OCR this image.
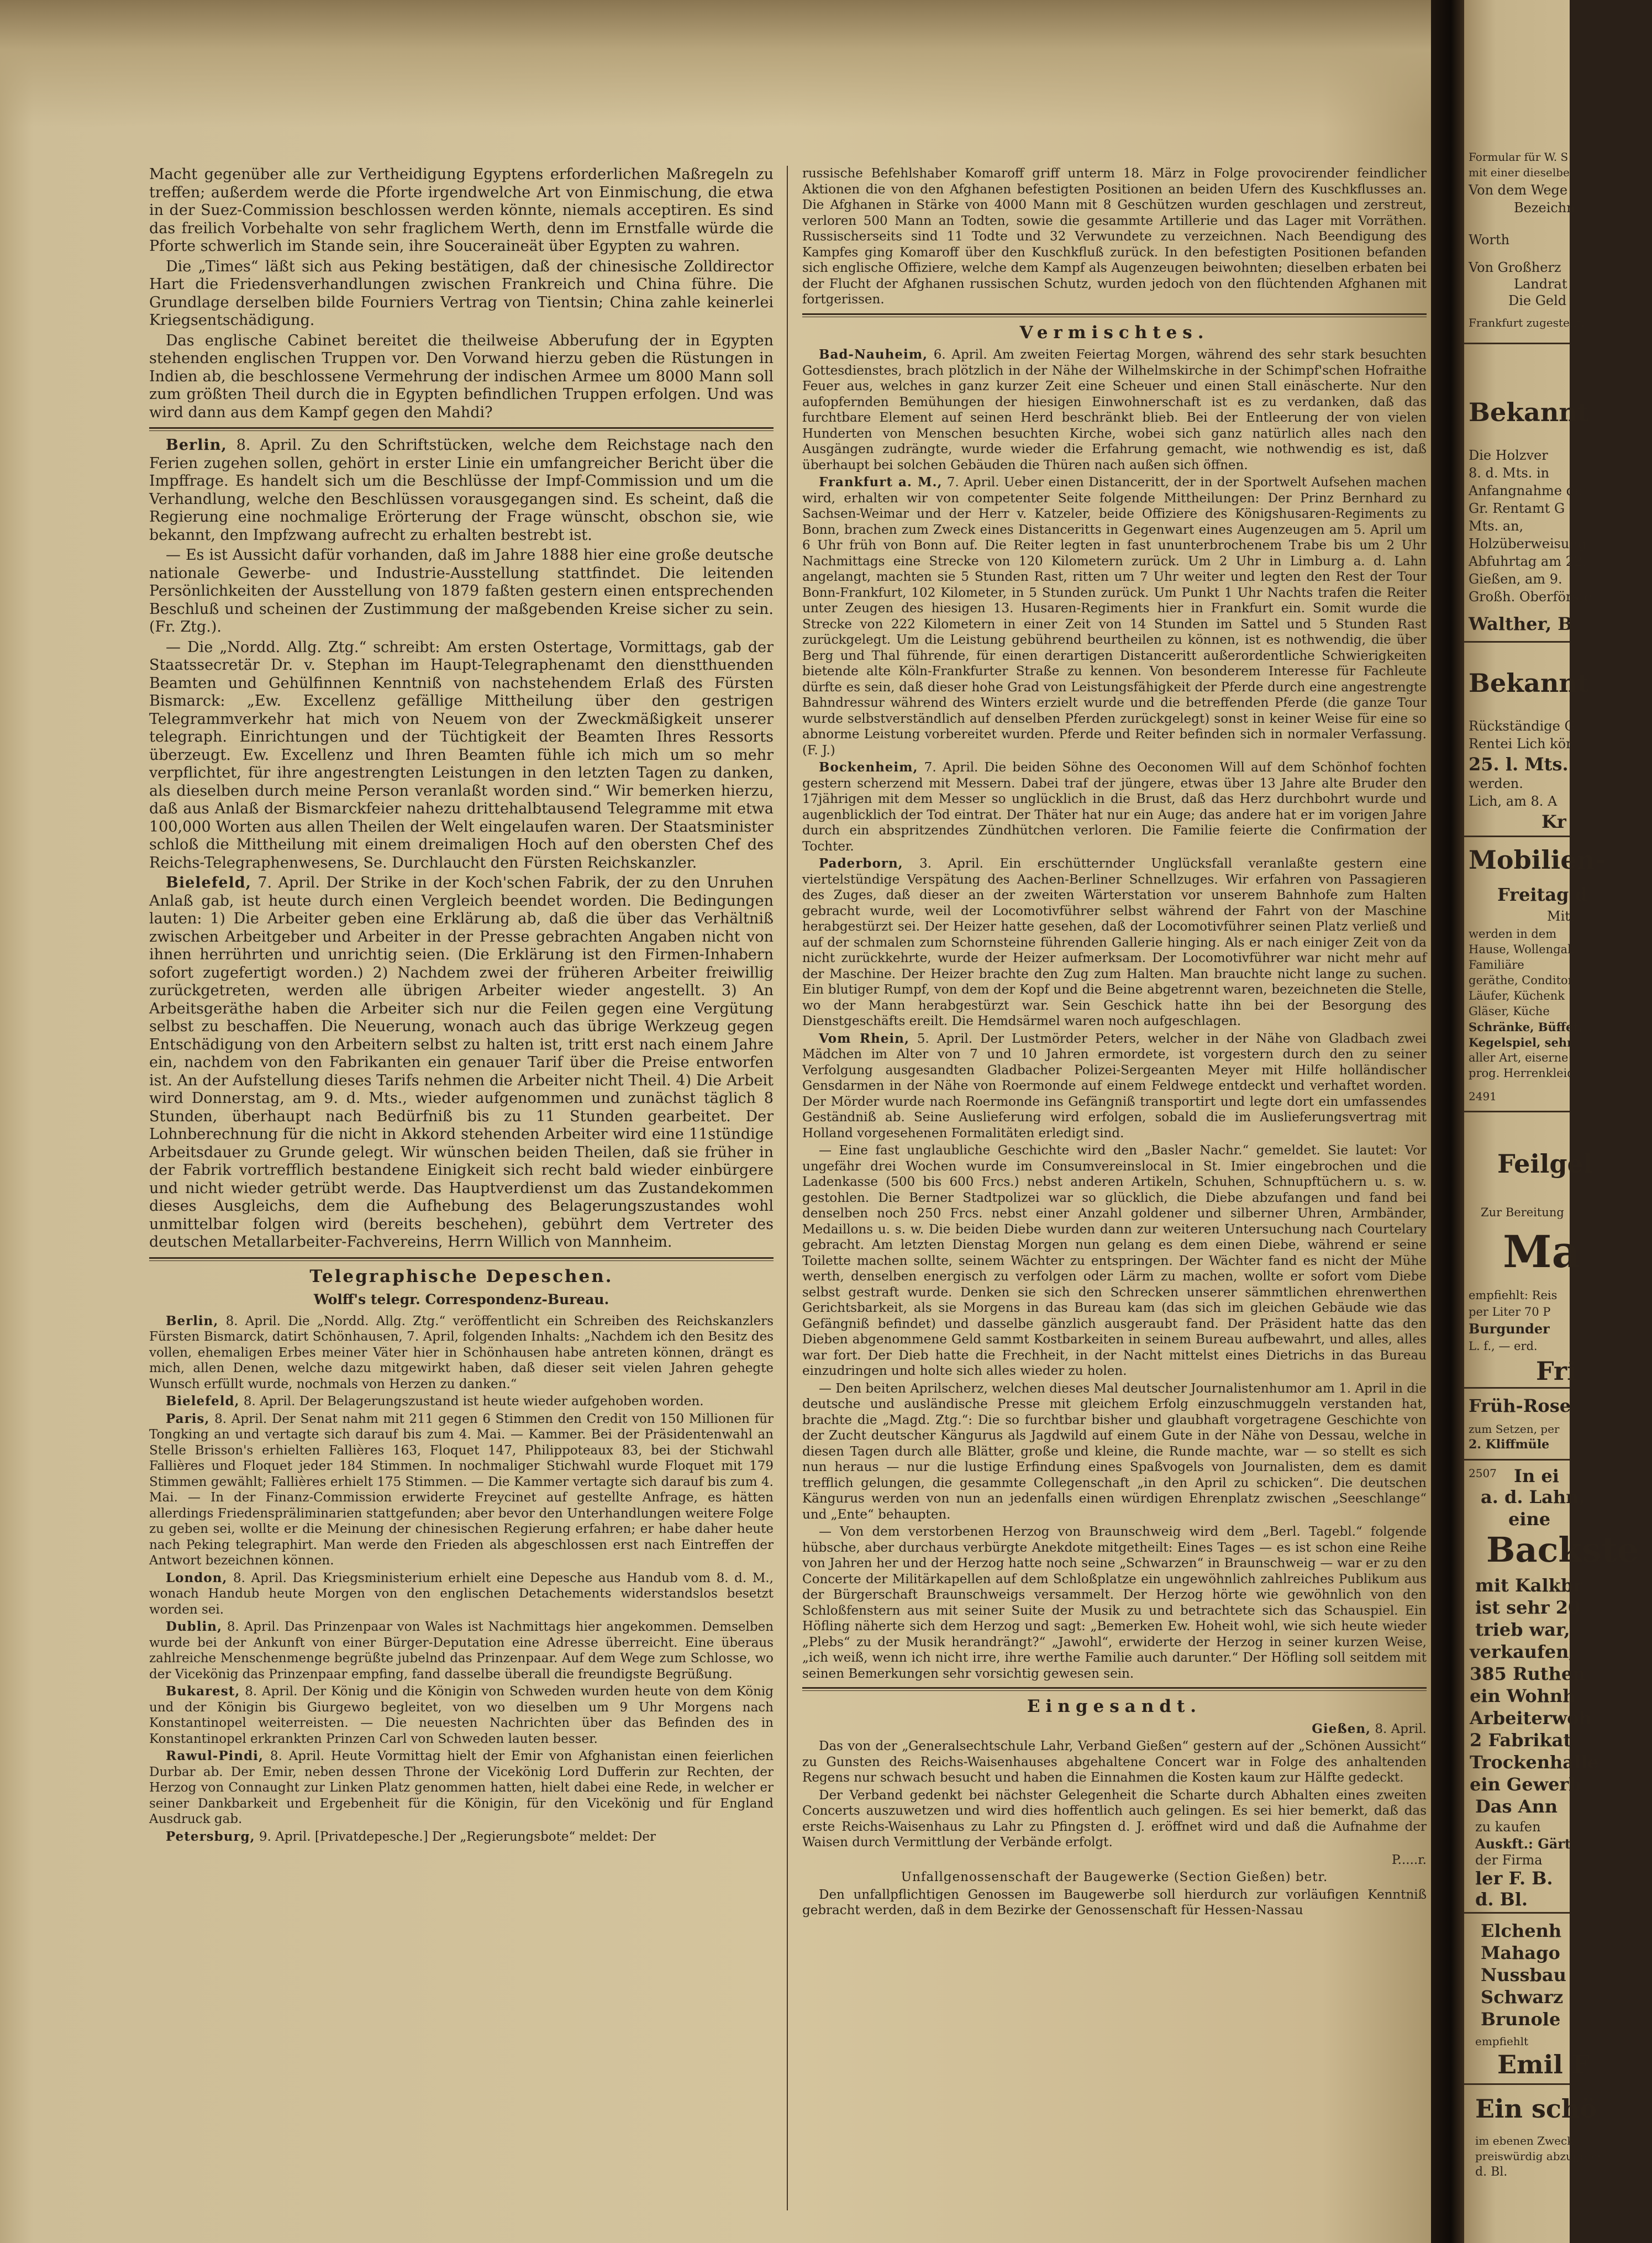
Macht gegenüber alle zur Vertheidigung Egyptens erforderlichen Maßregeln zu treffen; außerdem werde die Pforte irgendwelche Art von Einmischung, die etwa in der Suez-Commission beschlossen werden könnte, niemals acceptiren. Es sind das freilich Vorbehalte von sehr fraglichem Werth, denn im Ernstfalle würde die Pforte schwerlich im Stande sein, ihre Souceraineät über Egypten zu wahren.

Die „Times“ läßt sich aus Peking bestätigen, daß der chinesische Zolldirector Hart die Friedensverhandlungen zwischen Frankreich und China führe. Die Grundlage derselben bilde Fourniers Vertrag von Tientsin; China zahle keinerlei Kriegsentschädigung.

Das englische Cabinet bereitet die theilweise Abberufung der in Egypten stehenden englischen Truppen vor. Den Vorwand hierzu geben die Rüstungen in Indien ab, die beschlossene Vermehrung der indischen Armee um 8000 Mann soll zum größten Theil durch die in Egypten befindlichen Truppen erfolgen. Und was wird dann aus dem Kampf gegen den Mahdi?

Berlin, 8. April. Zu den Schriftstücken, welche dem Reichstage nach den Ferien zugehen sollen, gehört in erster Linie ein umfangreicher Bericht über die Impffrage. Es handelt sich um die Beschlüsse der Impf-Commission und um die Verhandlung, welche den Beschlüssen vorausgegangen sind. Es scheint, daß die Regierung eine nochmalige Erörterung der Frage wünscht, obschon sie, wie bekannt, den Impfzwang aufrecht zu erhalten bestrebt ist.

— Es ist Aussicht dafür vorhanden, daß im Jahre 1888 hier eine große deutsche nationale Gewerbe- und Industrie-Ausstellung stattfindet. Die leitenden Persönlichkeiten der Ausstellung von 1879 faßten gestern einen entsprechenden Beschluß und scheinen der Zustimmung der maßgebenden Kreise sicher zu sein. (Fr. Ztg.).

— Die „Nordd. Allg. Ztg.“ schreibt: Am ersten Ostertage, Vormittags, gab der Staatssecretär Dr. v. Stephan im Haupt-Telegraphenamt den dienstthuenden Beamten und Gehülfinnen Kenntniß von nachstehendem Erlaß des Fürsten Bismarck: „Ew. Excellenz gefällige Mittheilung über den gestrigen Telegrammverkehr hat mich von Neuem von der Zweckmäßigkeit unserer telegraph. Einrichtungen und der Tüchtigkeit der Beamten Ihres Ressorts überzeugt. Ew. Excellenz und Ihren Beamten fühle ich mich um so mehr verpflichtet, für ihre angestrengten Leistungen in den letzten Tagen zu danken, als dieselben durch meine Person veranlaßt worden sind.“ Wir bemerken hierzu, daß aus Anlaß der Bismarckfeier nahezu drittehalbtausend Telegramme mit etwa 100,000 Worten aus allen Theilen der Welt eingelaufen waren. Der Staatsminister schloß die Mittheilung mit einem dreimaligen Hoch auf den obersten Chef des Reichs-Telegraphenwesens, Se. Durchlaucht den Fürsten Reichskanzler.

Bielefeld, 7. April. Der Strike in der Koch'schen Fabrik, der zu den Unruhen Anlaß gab, ist heute durch einen Vergleich beendet worden. Die Bedingungen lauten: 1) Die Arbeiter geben eine Erklärung ab, daß die über das Verhältniß zwischen Arbeitgeber und Arbeiter in der Presse gebrachten Angaben nicht von ihnen herrührten und unrichtig seien. (Die Erklärung ist den Firmen-Inhabern sofort zugefertigt worden.) 2) Nachdem zwei der früheren Arbeiter freiwillig zurückgetreten, werden alle übrigen Arbeiter wieder angestellt. 3) An Arbeitsgeräthe haben die Arbeiter sich nur die Feilen gegen eine Vergütung selbst zu beschaffen. Die Neuerung, wonach auch das übrige Werkzeug gegen Entschädigung von den Arbeitern selbst zu halten ist, tritt erst nach einem Jahre ein, nachdem von den Fabrikanten ein genauer Tarif über die Preise entworfen ist. An der Aufstellung dieses Tarifs nehmen die Arbeiter nicht Theil. 4) Die Arbeit wird Donnerstag, am 9. d. Mts., wieder aufgenommen und zunächst täglich 8 Stunden, überhaupt nach Bedürfniß bis zu 11 Stunden gearbeitet. Der Lohnberechnung für die nicht in Akkord stehenden Arbeiter wird eine 11stündige Arbeitsdauer zu Grunde gelegt. Wir wünschen beiden Theilen, daß sie früher in der Fabrik vortrefflich bestandene Einigkeit sich recht bald wieder einbürgere und nicht wieder getrübt werde. Das Hauptverdienst um das Zustandekommen dieses Ausgleichs, dem die Aufhebung des Belagerungszustandes wohl unmittelbar folgen wird (bereits beschehen), gebührt dem Vertreter des deutschen Metallarbeiter-Fachvereins, Herrn Willich von Mannheim.

Telegraphische Depeschen.
Wolff's telegr. Correspondenz-Bureau.

Berlin, 8. April. Die „Nordd. Allg. Ztg.“ veröffentlicht ein Schreiben des Reichskanzlers Fürsten Bismarck, datirt Schönhausen, 7. April, folgenden Inhalts: „Nachdem ich den Besitz des vollen, ehemaligen Erbes meiner Väter hier in Schönhausen habe antreten können, drängt es mich, allen Denen, welche dazu mitgewirkt haben, daß dieser seit vielen Jahren gehegte Wunsch erfüllt wurde, nochmals von Herzen zu danken.“

Bielefeld, 8. April. Der Belagerungszustand ist heute wieder aufgehoben worden.

Paris, 8. April. Der Senat nahm mit 211 gegen 6 Stimmen den Credit von 150 Millionen für Tongking an und vertagte sich darauf bis zum 4. Mai. — Kammer. Bei der Präsidentenwahl an Stelle Brisson's erhielten Fallières 163, Floquet 147, Philippoteaux 83, bei der Stichwahl Fallières und Floquet jeder 184 Stimmen. In nochmaliger Stichwahl wurde Floquet mit 179 Stimmen gewählt; Fallières erhielt 175 Stimmen. — Die Kammer vertagte sich darauf bis zum 4. Mai. — In der Finanz-Commission erwiderte Freycinet auf gestellte Anfrage, es hätten allerdings Friedenspräliminarien stattgefunden; aber bevor den Unterhandlungen weitere Folge zu geben sei, wollte er die Meinung der chinesischen Regierung erfahren; er habe daher heute nach Peking telegraphirt. Man werde den Frieden als abgeschlossen erst nach Eintreffen der Antwort bezeichnen können.

London, 8. April. Das Kriegsministerium erhielt eine Depesche aus Handub vom 8. d. M., wonach Handub heute Morgen von den englischen Detachements widerstandslos besetzt worden sei.

Dublin, 8. April. Das Prinzenpaar von Wales ist Nachmittags hier angekommen. Demselben wurde bei der Ankunft von einer Bürger-Deputation eine Adresse überreicht. Eine überaus zahlreiche Menschenmenge begrüßte jubelnd das Prinzenpaar. Auf dem Wege zum Schlosse, wo der Vicekönig das Prinzenpaar empfing, fand dasselbe überall die freundigste Begrüßung.

Bukarest, 8. April. Der König und die Königin von Schweden wurden heute von dem König und der Königin bis Giurgewo begleitet, von wo dieselben um 9 Uhr Morgens nach Konstantinopel weiterreisten. — Die neuesten Nachrichten über das Befinden des in Konstantinopel erkrankten Prinzen Carl von Schweden lauten besser.

Rawul-Pindi, 8. April. Heute Vormittag hielt der Emir von Afghanistan einen feierlichen Durbar ab. Der Emir, neben dessen Throne der Vicekönig Lord Dufferin zur Rechten, der Herzog von Connaught zur Linken Platz genommen hatten, hielt dabei eine Rede, in welcher er seiner Dankbarkeit und Ergebenheit für die Königin, für den Vicekönig und für England Ausdruck gab.

Petersburg, 9. April. [Privatdepesche.] Der „Regierungsbote“ meldet: Der

russische Befehlshaber Komaroff griff unterm 18. März in Folge provocirender feindlicher Aktionen die von den Afghanen befestigten Positionen an beiden Ufern des Kuschkflusses an. Die Afghanen in Stärke von 4000 Mann mit 8 Geschützen wurden geschlagen und zerstreut, verloren 500 Mann an Todten, sowie die gesammte Artillerie und das Lager mit Vorräthen. Russischerseits sind 11 Todte und 32 Verwundete zu verzeichnen. Nach Beendigung des Kampfes ging Komaroff über den Kuschkfluß zurück. In den befestigten Positionen befanden sich englische Offiziere, welche dem Kampf als Augenzeugen beiwohnten; dieselben erbaten bei der Flucht der Afghanen russischen Schutz, wurden jedoch von den flüchtenden Afghanen mit fortgerissen.

Vermischtes.

Bad-Nauheim, 6. April. Am zweiten Feiertag Morgen, während des sehr stark besuchten Gottesdienstes, brach plötzlich in der Nähe der Wilhelmskirche in der Schimpf'schen Hofraithe Feuer aus, welches in ganz kurzer Zeit eine Scheuer und einen Stall einäscherte. Nur den aufopfernden Bemühungen der hiesigen Einwohnerschaft ist es zu verdanken, daß das furchtbare Element auf seinen Herd beschränkt blieb. Bei der Entleerung der von vielen Hunderten von Menschen besuchten Kirche, wobei sich ganz natürlich alles nach den Ausgängen zudrängte, wurde wieder die Erfahrung gemacht, wie nothwendig es ist, daß überhaupt bei solchen Gebäuden die Thüren nach außen sich öffnen.

Frankfurt a. M., 7. April. Ueber einen Distanceritt, der in der Sportwelt Aufsehen machen wird, erhalten wir von competenter Seite folgende Mittheilungen: Der Prinz Bernhard zu Sachsen-Weimar und der Herr v. Katzeler, beide Offiziere des Königshusaren-Regiments zu Bonn, brachen zum Zweck eines Distanceritts in Gegenwart eines Augenzeugen am 5. April um 6 Uhr früh von Bonn auf. Die Reiter legten in fast ununterbrochenem Trabe bis um 2 Uhr Nachmittags eine Strecke von 120 Kilometern zurück. Um 2 Uhr in Limburg a. d. Lahn angelangt, machten sie 5 Stunden Rast, ritten um 7 Uhr weiter und legten den Rest der Tour Bonn-Frankfurt, 102 Kilometer, in 5 Stunden zurück. Um Punkt 1 Uhr Nachts trafen die Reiter unter Zeugen des hiesigen 13. Husaren-Regiments hier in Frankfurt ein. Somit wurde die Strecke von 222 Kilometern in einer Zeit von 14 Stunden im Sattel und 5 Stunden Rast zurückgelegt. Um die Leistung gebührend beurtheilen zu können, ist es nothwendig, die über Berg und Thal führende, für einen derartigen Distanceritt außerordentliche Schwierigkeiten bietende alte Köln-Frankfurter Straße zu kennen. Von besonderem Interesse für Fachleute dürfte es sein, daß dieser hohe Grad von Leistungsfähigkeit der Pferde durch eine angestrengte Bahndressur während des Winters erzielt wurde und die betreffenden Pferde (die ganze Tour wurde selbstverständlich auf denselben Pferden zurückgelegt) sonst in keiner Weise für eine so abnorme Leistung vorbereitet wurden. Pferde und Reiter befinden sich in normaler Verfassung. (F. J.)

Bockenheim, 7. April. Die beiden Söhne des Oeconomen Will auf dem Schönhof fochten gestern scherzend mit Messern. Dabei traf der jüngere, etwas über 13 Jahre alte Bruder den 17jährigen mit dem Messer so unglücklich in die Brust, daß das Herz durchbohrt wurde und augenblicklich der Tod eintrat. Der Thäter hat nur ein Auge; das andere hat er im vorigen Jahre durch ein abspritzendes Zündhütchen verloren. Die Familie feierte die Confirmation der Tochter.

Paderborn, 3. April. Ein erschütternder Unglücksfall veranlaßte gestern eine viertelstündige Verspätung des Aachen-Berliner Schnellzuges. Wir erfahren von Passagieren des Zuges, daß dieser an der zweiten Wärterstation vor unserem Bahnhofe zum Halten gebracht wurde, weil der Locomotivführer selbst während der Fahrt von der Maschine herabgestürzt sei. Der Heizer hatte gesehen, daß der Locomotivführer seinen Platz verließ und auf der schmalen zum Schornsteine führenden Gallerie hinging. Als er nach einiger Zeit von da nicht zurückkehrte, wurde der Heizer aufmerksam. Der Locomotivführer war nicht mehr auf der Maschine. Der Heizer brachte den Zug zum Halten. Man brauchte nicht lange zu suchen. Ein blutiger Rumpf, von dem der Kopf und die Beine abgetrennt waren, bezeichneten die Stelle, wo der Mann herabgestürzt war. Sein Geschick hatte ihn bei der Besorgung des Dienstgeschäfts ereilt. Die Hemdsärmel waren noch aufgeschlagen.

Vom Rhein, 5. April. Der Lustmörder Peters, welcher in der Nähe von Gladbach zwei Mädchen im Alter von 7 und 10 Jahren ermordete, ist vorgestern durch den zu seiner Verfolgung ausgesandten Gladbacher Polizei-Sergeanten Meyer mit Hilfe holländischer Gensdarmen in der Nähe von Roermonde auf einem Feldwege entdeckt und verhaftet worden. Der Mörder wurde nach Roermonde ins Gefängniß transportirt und legte dort ein umfassendes Geständniß ab. Seine Auslieferung wird erfolgen, sobald die im Auslieferungsvertrag mit Holland vorgesehenen Formalitäten erledigt sind.

— Eine fast unglaubliche Geschichte wird den „Basler Nachr.“ gemeldet. Sie lautet: Vor ungefähr drei Wochen wurde im Consumvereinslocal in St. Imier eingebrochen und die Ladenkasse (500 bis 600 Frcs.) nebst anderen Artikeln, Schuhen, Schnupftüchern u. s. w. gestohlen. Die Berner Stadtpolizei war so glücklich, die Diebe abzufangen und fand bei denselben noch 250 Frcs. nebst einer Anzahl goldener und silberner Uhren, Armbänder, Medaillons u. s. w. Die beiden Diebe wurden dann zur weiteren Untersuchung nach Courtelary gebracht. Am letzten Dienstag Morgen nun gelang es dem einen Diebe, während er seine Toilette machen sollte, seinem Wächter zu entspringen. Der Wächter fand es nicht der Mühe werth, denselben energisch zu verfolgen oder Lärm zu machen, wollte er sofort vom Diebe selbst gestraft wurde. Denken sie sich den Schrecken unserer sämmtlichen ehrenwerthen Gerichtsbarkeit, als sie Morgens in das Bureau kam (das sich im gleichen Gebäude wie das Gefängniß befindet) und dasselbe gänzlich ausgeraubt fand. Der Präsident hatte das den Dieben abgenommene Geld sammt Kostbarkeiten in seinem Bureau aufbewahrt, und alles, alles war fort. Der Dieb hatte die Frechheit, in der Nacht mittelst eines Dietrichs in das Bureau einzudringen und holte sich alles wieder zu holen.

— Den beiten Aprilscherz, welchen dieses Mal deutscher Journalistenhumor am 1. April in die deutsche und ausländische Presse mit gleichem Erfolg einzuschmuggeln verstanden hat, brachte die „Magd. Ztg.“: Die so furchtbar bisher und glaubhaft vorgetragene Geschichte von der Zucht deutscher Kängurus als Jagdwild auf einem Gute in der Nähe von Dessau, welche in diesen Tagen durch alle Blätter, große und kleine, die Runde machte, war — so stellt es sich nun heraus — nur die lustige Erfindung eines Spaßvogels von Journalisten, dem es damit trefflich gelungen, die gesammte Collegenschaft „in den April zu schicken“. Die deutschen Kängurus werden von nun an jedenfalls einen würdigen Ehrenplatz zwischen „Seeschlange“ und „Ente“ behaupten.

— Von dem verstorbenen Herzog von Braunschweig wird dem „Berl. Tagebl.“ folgende hübsche, aber durchaus verbürgte Anekdote mitgetheilt: Eines Tages — es ist schon eine Reihe von Jahren her und der Herzog hatte noch seine „Schwarzen“ in Braunschweig — war er zu den Concerte der Militärkapellen auf dem Schloßplatze ein ungewöhnlich zahlreiches Publikum aus der Bürgerschaft Braunschweigs versammelt. Der Herzog hörte wie gewöhnlich von den Schloßfenstern aus mit seiner Suite der Musik zu und betrachtete sich das Schauspiel. Ein Höfling näherte sich dem Herzog und sagt: „Bemerken Ew. Hoheit wohl, wie sich heute wieder „Plebs“ zu der Musik herandrängt?“ „Jawohl“, erwiderte der Herzog in seiner kurzen Weise, „ich weiß, wenn ich nicht irre, ihre werthe Familie auch darunter.“ Der Höfling soll seitdem mit seinen Bemerkungen sehr vorsichtig gewesen sein.

Eingesandt.

Gießen, 8. April.

Das von der „Generalsechtschule Lahr, Verband Gießen“ gestern auf der „Schönen Aussicht“ zu Gunsten des Reichs-Waisenhauses abgehaltene Concert war in Folge des anhaltenden Regens nur schwach besucht und haben die Einnahmen die Kosten kaum zur Hälfte gedeckt.

Der Verband gedenkt bei nächster Gelegenheit die Scharte durch Abhalten eines zweiten Concerts auszuwetzen und wird dies hoffentlich auch gelingen. Es sei hier bemerkt, daß das erste Reichs-Waisenhaus zu Lahr zu Pfingsten d. J. eröffnet wird und daß die Aufnahme der Waisen durch Vermittlung der Verbände erfolgt.

P.....r.

Unfallgenossenschaft der Baugewerke (Section Gießen) betr.

Den unfallpflichtigen Genossen im Baugewerbe soll hierdurch zur vorläufigen Kenntniß gebracht werden, daß in dem Bezirke der Genossenschaft für Hessen-Nassau

Formular für W. S
mit einer dieselbe
Von dem Wege
Bezeichn
Worth
Von Großherz
Landrat
Die Geld
Frankfurt zugestellt.
Bekannt
Die Holzver
8. d. Mts. in
Anfangnahme der
Gr. Rentamt G
Mts. an,
Holzüberweisung
Abfuhrtag am 22.
Gießen, am 9.
Großh. Oberförste
Walther, B
Bekannt
Rückständige G
Rentei Lich kön
25. l. Mts.
werden.
Lich, am 8. A
Kr
Mobilien-
Freitag d
Mitt
werden in dem
Hause, Wollengab
Familiäre
geräthe, Conditor
Läufer, Küchenk
Gläser, Küche
Schränke, Büffet,
Kegelspiel, sehr
aller Art, eiserne
prog. Herrenkleid
2491
Feilgel
Zur Bereitung
Ma
empfiehlt: Reis
per Liter 70 P
Burgunder
L. f., — erd.
Fri
Früh-Rose
zum Setzen, per
2. Kliffmüle
2507 In ei
a. d. Lahn,
eine
Backste
mit Kalkbr
ist sehr 20
trieb war,
verkaufen,
385 Ruthen
ein Wohnh
Arbeiterwoh
2 Fabrikat
Trockenhalle
ein Gewerb
Das Ann
zu kaufen
Auskft.: Gärt
der Firma
ler F. B.
d. Bl.
Elchenh
Mahago
Nussbau
Schwarz
Brunole
empfiehlt
Emil F
Ein schö
im ebenen Zweck
preiswürdig abzugeben.
d. Bl.
